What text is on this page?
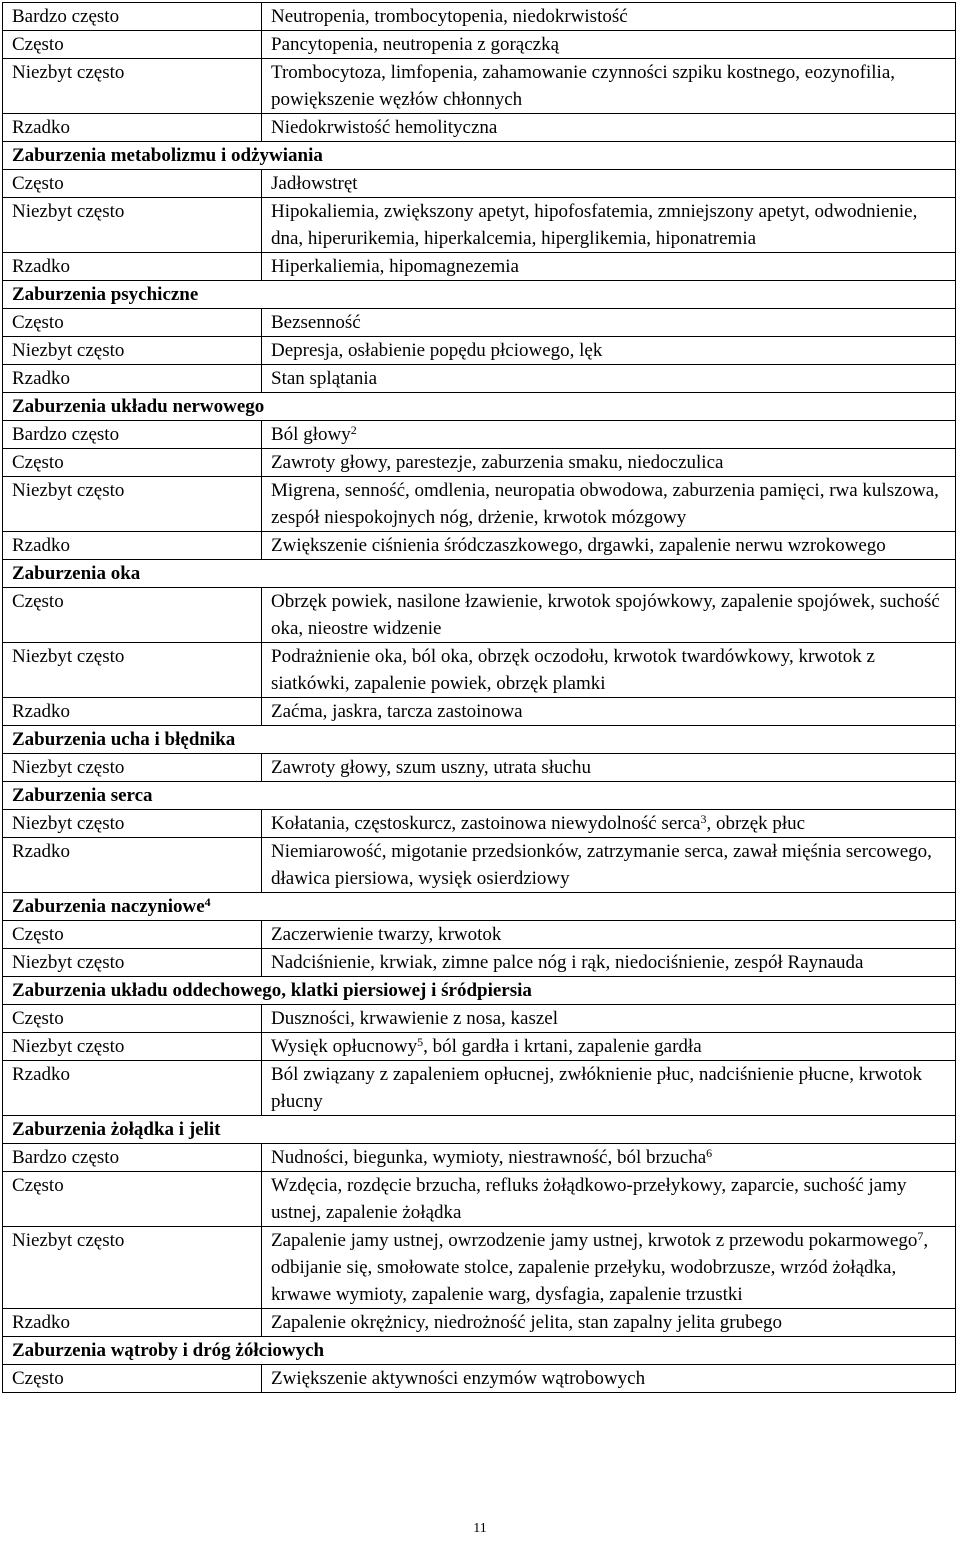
Bardzo często	Neutropenia, trombocytopenia, niedokrwistość
Często	Pancytopenia, neutropenia z gorączką
Niezbyt często	Trombocytoza, limfopenia, zahamowanie czynności szpiku kostnego, eozynofilia, powiększenie węzłów chłonnych
Rzadko	Niedokrwistość hemolityczna
Zaburzenia metabolizmu i odżywiania	
Często	Jadłowstręt
Niezbyt często	Hipokaliemia, zwiększony apetyt, hipofosfatemia, zmniejszony apetyt, odwodnienie, dna, hiperurikemia, hiperkalcemia, hiperglikemia, hiponatremia
Rzadko	Hiperkaliemia, hipomagnezemia
Zaburzenia psychiczne	
Często	Bezsenność
Niezbyt często	Depresja, osłabienie popędu płciowego, lęk
Rzadko	Stan splątania
Zaburzenia układu nerwowego	
Bardzo często	Ból głowy$^2$
Często	Zawroty głowy, parestezje, zaburzenia smaku, niedoczulica
Niezbyt często	Migrena, senność, omdlenia, neuropatia obwodowa, zaburzenia pamięci, rwa kulszowa, zespół niespokojnych nóg, drżenie, krwotok mózgowy
Rzadko	Zwiększenie ciśnienia śródczaszkowego, drgawki, zapalenie nerwu wzrokowego
Zaburzenia oka	
Często	Obrzęk powiek, nasilone łzawienie, krwotok spojówkowy, zapalenie spojówek, suchość oka, nieostre widzenie
Niezbyt często	Podrażnienie oka, ból oka, obrzęk oczodołu, krwotok twardówkowy, krwotok z siatkówki, zapalenie powiek, obrzęk plamki
Rzadko	Zaćma, jaskra, tarcza zastoinowa
Zaburzenia ucha i błędnika	
Niezbyt często	Zawroty głowy, szum uszny, utrata słuchu
Zaburzenia serca	
Niezbyt często	Kołatania, częstoskurcz, zastoinowa niewydolność serca$^3$, obrzęk płuc
Rzadko	Niemiarowość, migotanie przedsionków, zatrzymanie serca, zawał mięśnia sercowego, dławica piersiowa, wysięk osierdziowy
Zaburzenia naczyniowe$^4$
Często	Zaczerwienie twarzy, krwotok
Niezbyt często	Nadciśnienie, krwiak, zimne palce nóg i rąk, niedociśnienie, zespół Raynauda
Zaburzenia układu oddechowego, klatki piersiowej i śródpiersia	
Często	Duszności, krwawienie z nosa, kaszel
Niezbyt często	Wysięk opłucnowy$^5$, ból gardła i krtani, zapalenie gardła
Rzadko	Ból związany z zapaleniem opłucnej, zwłóknienie płuc, nadciśnienie płucne, krwotok płucny
Zaburzenia żołądka i jelit	
Bardzo często	Nudności, biegunka, wymioty, niestrawność, ból brzucha$^6$
Często	Wzdęcia, rozdęcie brzucha, refluks żołądkowo-przełykowy, zaparcie, suchość jamy ustnej, zapalenie żołądka
Niezbyt często	Zapalenie jamy ustnej, owrzodzenie jamy ustnej, krwotok z przewodu pokarmowego$^7$, odbijanie się, smołowate stolce, zapalenie przełyku, wodobrzusze, wrzód żołądka, krwawe wymioty, zapalenie warg, dysfagia, zapalenie trzustki
Rzadko	Zapalenie okrężnicy, niedrożność jelita, stan zapalny jelita grubego
Zaburzenia wątroby i dróg żółciowych	
Często	Zwiększenie aktywności enzymów wątrobowych
11
